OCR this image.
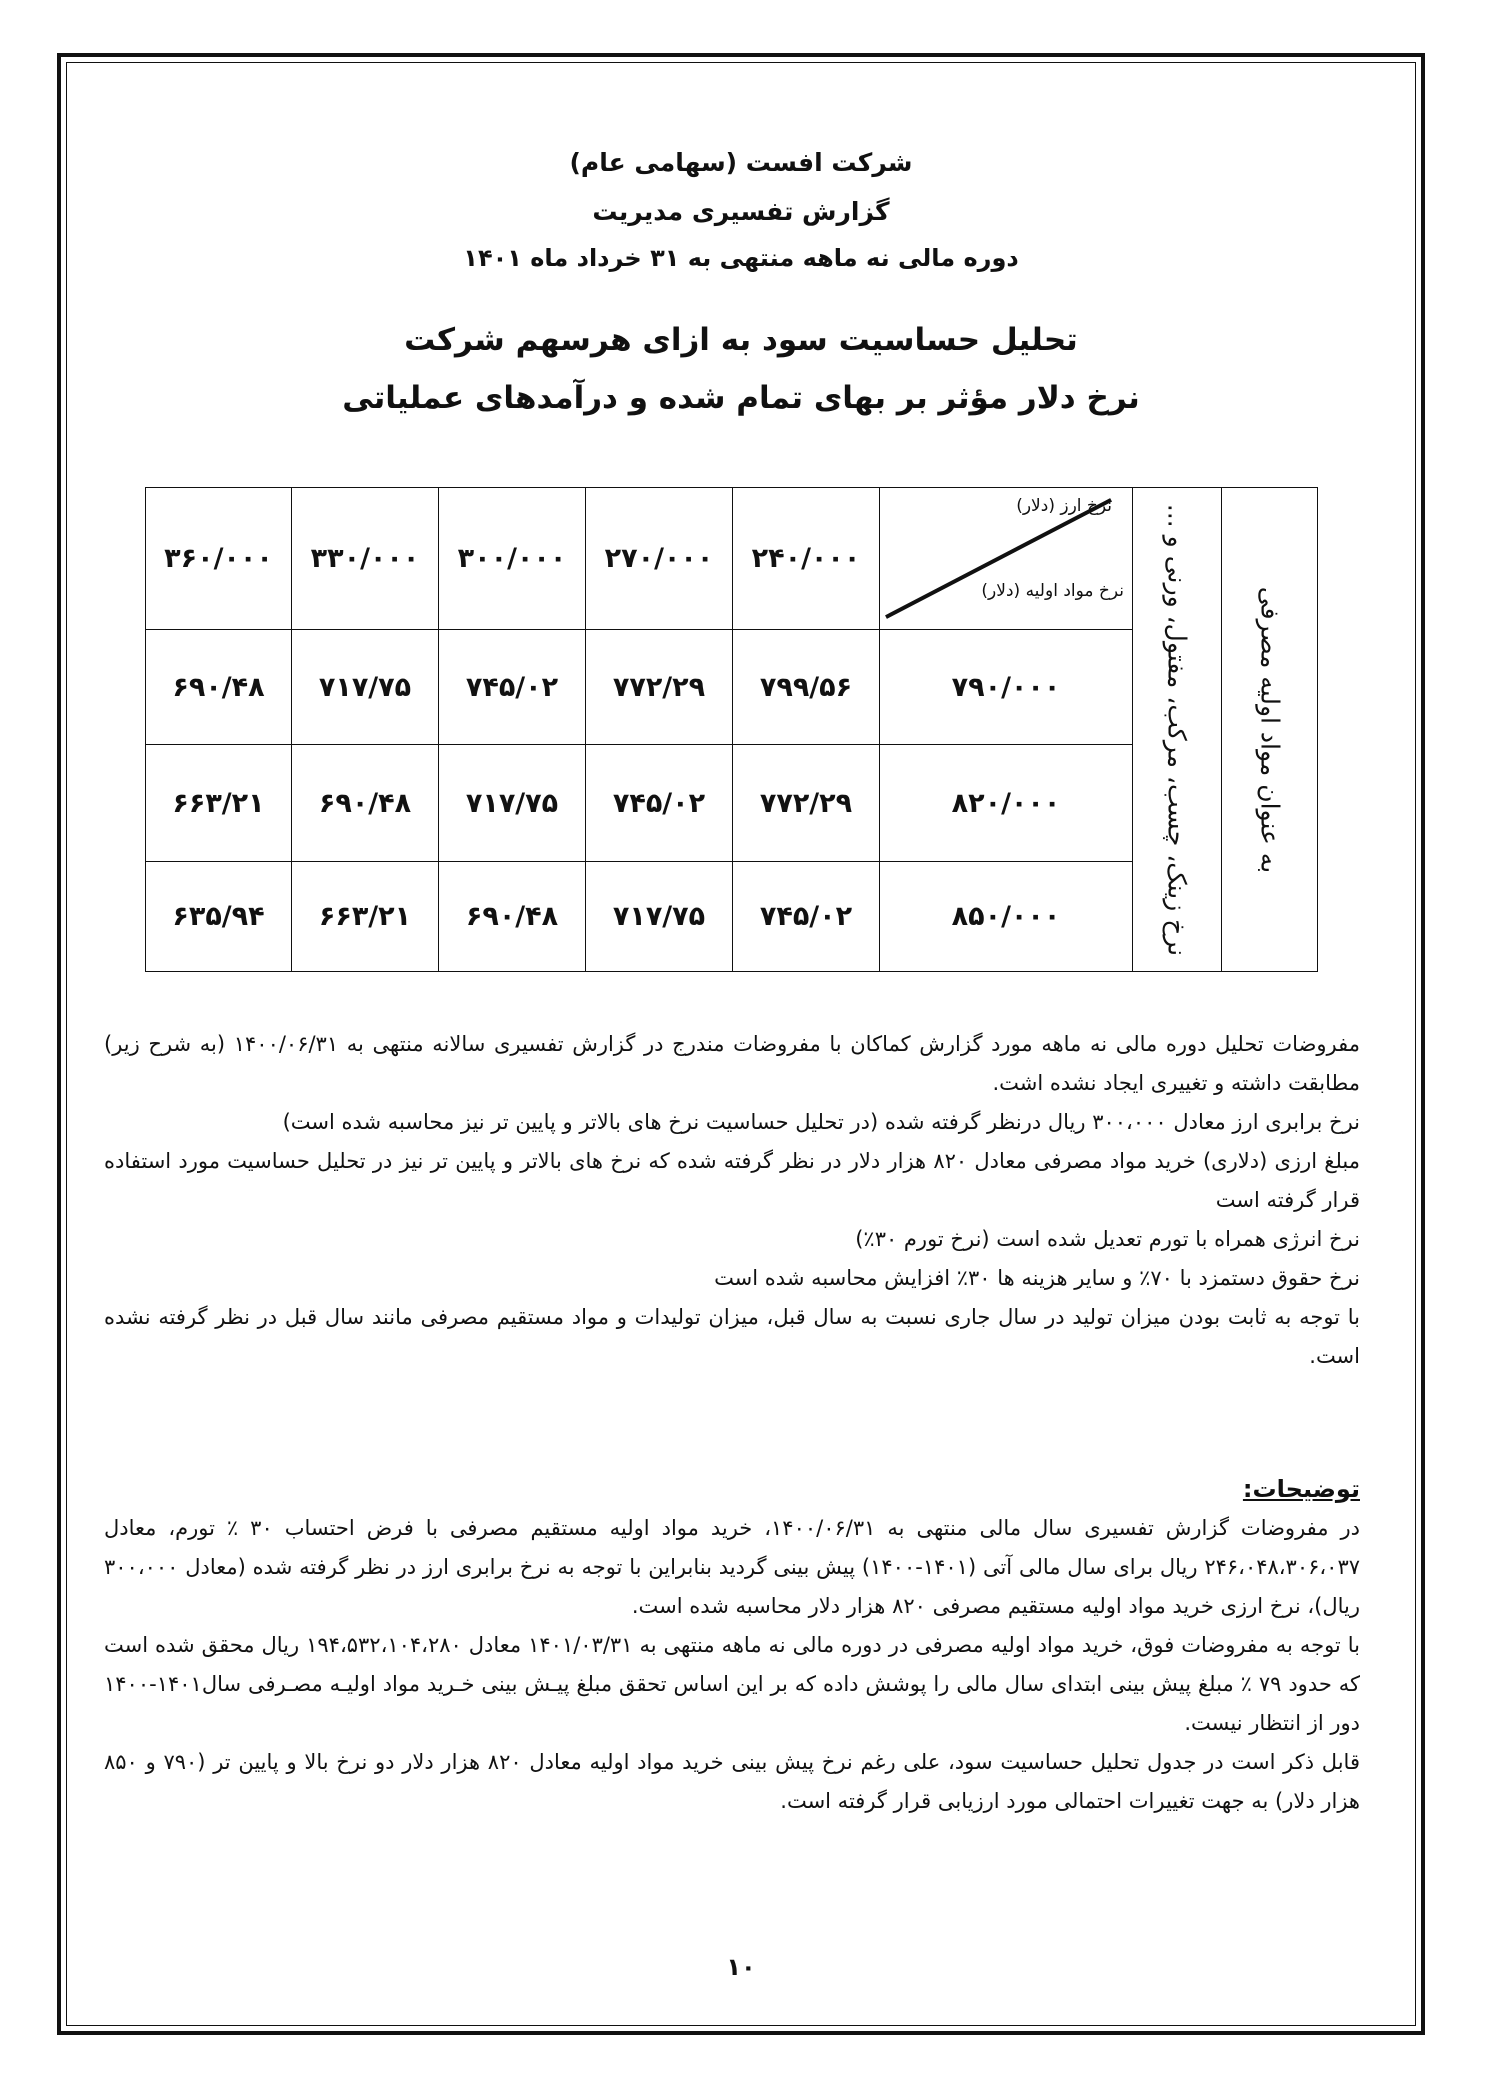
شرکت افست (سهامی عام)
گزارش تفسیری مدیریت
دوره مالی نه ماهه منتهی به ۳۱ خرداد ماه ۱۴۰۱
تحلیل حساسیت سود به ازای هرسهم شرکت
نرخ دلار مؤثر بر بهای تمام شده و درآمدهای عملیاتی
به عنوان مواد اولیه مصرفی	نرخ زینک، چسب، مرکب، مفتول، ورنی و ...	نرخ ارز (دلار)
نرخ مواد اولیه (دلار)	۲۴۰/۰۰۰	۲۷۰/۰۰۰	۳۰۰/۰۰۰	۳۳۰/۰۰۰	۳۶۰/۰۰۰
		۷۹۰/۰۰۰	۷۹۹/۵۶	۷۷۲/۲۹	۷۴۵/۰۲	۷۱۷/۷۵	۶۹۰/۴۸
		۸۲۰/۰۰۰	۷۷۲/۲۹	۷۴۵/۰۲	۷۱۷/۷۵	۶۹۰/۴۸	۶۶۳/۲۱
		۸۵۰/۰۰۰	۷۴۵/۰۲	۷۱۷/۷۵	۶۹۰/۴۸	۶۶۳/۲۱	۶۳۵/۹۴

مفروضات تحلیل دوره مالی نه ماهه مورد گزارش کماکان با مفروضات مندرج در گزارش تفسیری سالانه منتهی به ۱۴۰۰/۰۶/۳۱ (به شرح زیر) مطابقت داشته و تغییری ایجاد نشده اشت.

نرخ برابری ارز معادل ۳۰۰،۰۰۰ ریال درنظر گرفته شده (در تحلیل حساسیت نرخ های بالاتر و پایین تر نیز محاسبه شده است)

مبلغ ارزی (دلاری) خرید مواد مصرفی معادل ۸۲۰ هزار دلار در نظر گرفته شده که نرخ های بالاتر و پایین تر نیز در تحلیل حساسیت مورد استفاده قرار گرفته است

نرخ انرژی همراه با تورم تعدیل شده است (نرخ تورم ۳۰٪)

نرخ حقوق دستمزد با ۷۰٪ و سایر هزینه ها ۳۰٪ افزایش محاسبه شده است

با توجه به ثابت بودن میزان تولید در سال جاری نسبت به سال قبل، میزان تولیدات و مواد مستقیم مصرفی مانند سال قبل در نظر گرفته نشده است.

توضیحات:

در مفروضات گزارش تفسیری سال مالی منتهی به ۱۴۰۰/۰۶/۳۱، خرید مواد اولیه مستقیم مصرفی با فرض احتساب ۳۰ ٪ تورم، معادل ۲۴۶،۰۴۸،۳۰۶،۰۳۷ ریال برای سال مالی آتی (۱۴۰۱-۱۴۰۰) پیش بینی گردید بنابراین با توجه به نرخ برابری ارز در نظر گرفته شده (معادل ۳۰۰،۰۰۰ ریال)، نرخ ارزی خرید مواد اولیه مستقیم مصرفی ۸۲۰ هزار دلار محاسبه شده است.

با توجه به مفروضات فوق، خرید مواد اولیه مصرفی در دوره مالی نه ماهه منتهی به ۱۴۰۱/۰۳/۳۱ معادل ۱۹۴،۵۳۲،۱۰۴،۲۸۰ ریال محقق شده است که حدود ۷۹ ٪ مبلغ پیش بینی ابتدای سال مالی را پوشش داده که بر این اساس تحقق مبلغ پیـش بینی خـرید مواد اولیـه مصـرفی سال۱۴۰۱-۱۴۰۰ دور از انتظار نیست.

قابل ذکر است در جدول تحلیل حساسیت سود، علی رغم نرخ پیش بینی خرید مواد اولیه معادل ۸۲۰ هزار دلار دو نرخ بالا و پایین تر (۷۹۰ و ۸۵۰ هزار دلار) به جهت تغییرات احتمالی مورد ارزیابی قرار گرفته است.

۱۰
